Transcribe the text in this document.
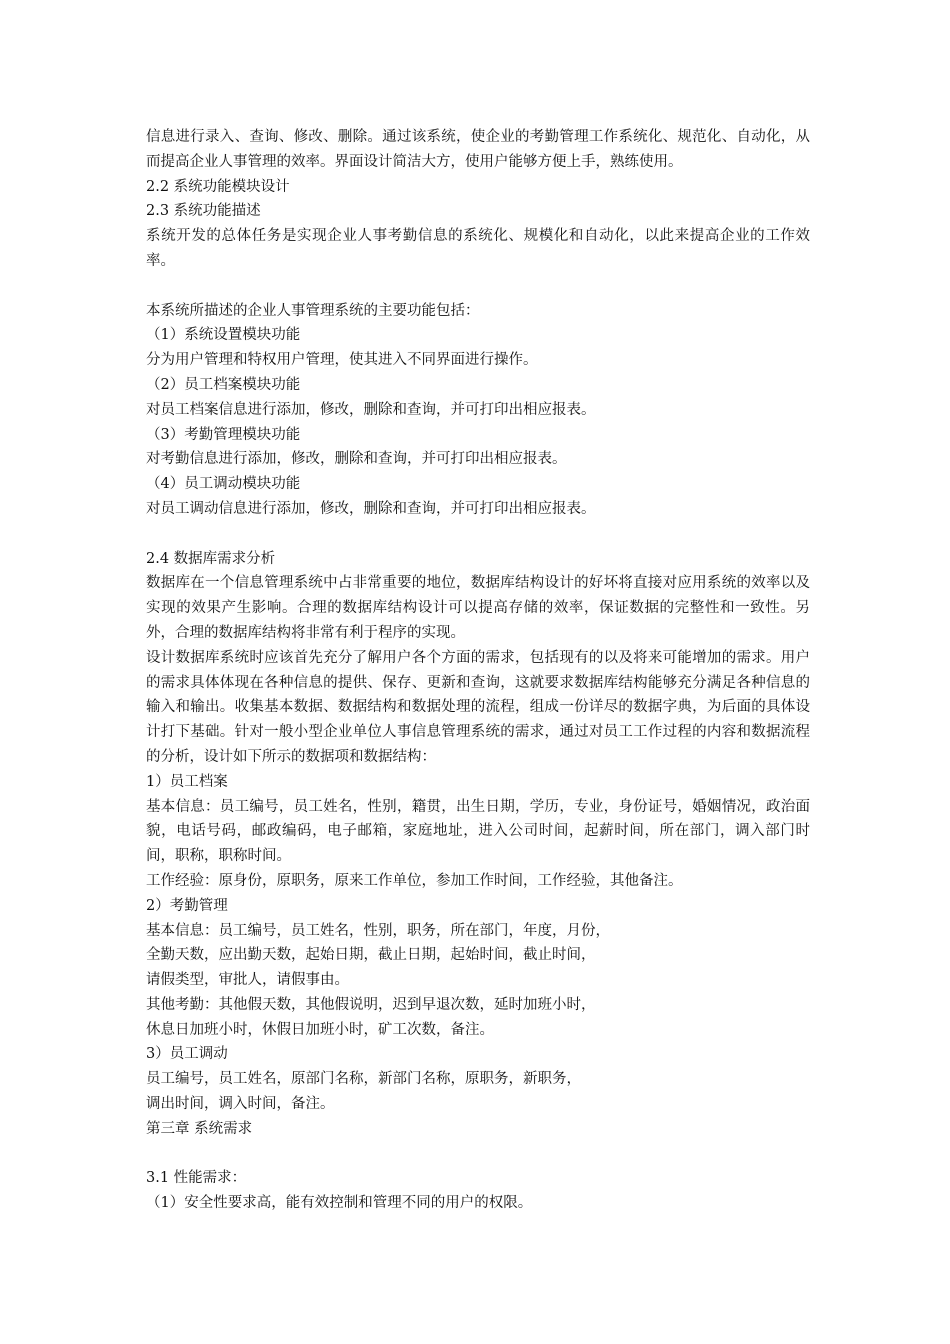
信息进行录入、查询、修改、删除。通过该系统，使企业的考勤管理工作系统化、规范化、自动化，从而提高企业人事管理的效率。界面设计简洁大方，使用户能够方便上手，熟练使用。

2.2 系统功能模块设计

2.3 系统功能描述

系统开发的总体任务是实现企业人事考勤信息的系统化、规模化和自动化，以此来提高企业的工作效率。

本系统所描述的企业人事管理系统的主要功能包括：

（1）系统设置模块功能

分为用户管理和特权用户管理，使其进入不同界面进行操作。

（2）员工档案模块功能

对员工档案信息进行添加，修改，删除和查询，并可打印出相应报表。

（3）考勤管理模块功能

对考勤信息进行添加，修改，删除和查询，并可打印出相应报表。

（4）员工调动模块功能

对员工调动信息进行添加，修改，删除和查询，并可打印出相应报表。

2.4 数据库需求分析

数据库在一个信息管理系统中占非常重要的地位，数据库结构设计的好坏将直接对应用系统的效率以及实现的效果产生影响。合理的数据库结构设计可以提高存储的效率，保证数据的完整性和一致性。另外，合理的数据库结构将非常有利于程序的实现。

设计数据库系统时应该首先充分了解用户各个方面的需求，包括现有的以及将来可能增加的需求。用户的需求具体体现在各种信息的提供、保存、更新和查询，这就要求数据库结构能够充分满足各种信息的输入和输出。收集基本数据、数据结构和数据处理的流程，组成一份详尽的数据字典，为后面的具体设计打下基础。针对一般小型企业单位人事信息管理系统的需求，通过对员工工作过程的内容和数据流程的分析，设计如下所示的数据项和数据结构：

1）员工档案

基本信息：员工编号，员工姓名，性别，籍贯，出生日期，学历，专业，身份证号，婚姻情况，政治面貌，电话号码，邮政编码，电子邮箱，家庭地址，进入公司时间，起薪时间，所在部门，调入部门时间，职称，职称时间。

工作经验：原身份，原职务，原来工作单位，参加工作时间，工作经验，其他备注。

2）考勤管理

基本信息：员工编号，员工姓名，性别，职务，所在部门，年度，月份，

全勤天数，应出勤天数，起始日期，截止日期，起始时间，截止时间，

请假类型，审批人，请假事由。

其他考勤：其他假天数，其他假说明，迟到早退次数，延时加班小时，

休息日加班小时，休假日加班小时，矿工次数，备注。

3）员工调动

员工编号，员工姓名，原部门名称，新部门名称，原职务，新职务，

调出时间，调入时间，备注。

第三章 系统需求

3.1 性能需求：

（1）安全性要求高，能有效控制和管理不同的用户的权限。
